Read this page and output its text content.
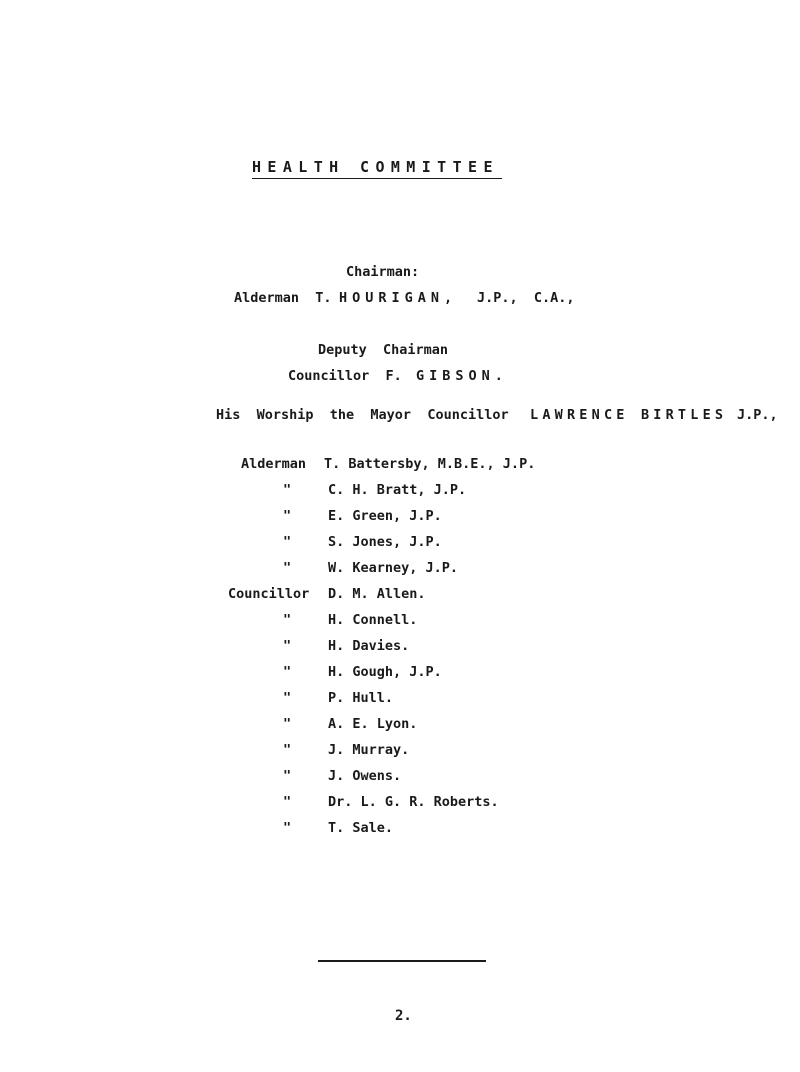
HEALTH COMMITTEE
Chairman:
Alderman  T. HOURIGAN, J.P.,  C.A.,
Deputy  Chairman
Councillor  F. GIBSON.
His  Worship  the  Mayor  Councillor LAWRENCE BIRTLES
Alderman T. Battersby, M.B.E., J.P.
"	C. H. Bratt, J.P.
"	E. Green, J.P.
"	S. Jones, J.P.
"	W. Kearney, J.P.
Councillor D. M. Allen.
"	H. Connell.
"	H. Davies.
"	H. Gough, J.P.
"	P. Hull.
"	A. E. Lyon.
"	J. Murray.
"	J. Owens.
"	Dr. L. G. R. Roberts.
"	T. Sale.
2.
J.P.,
